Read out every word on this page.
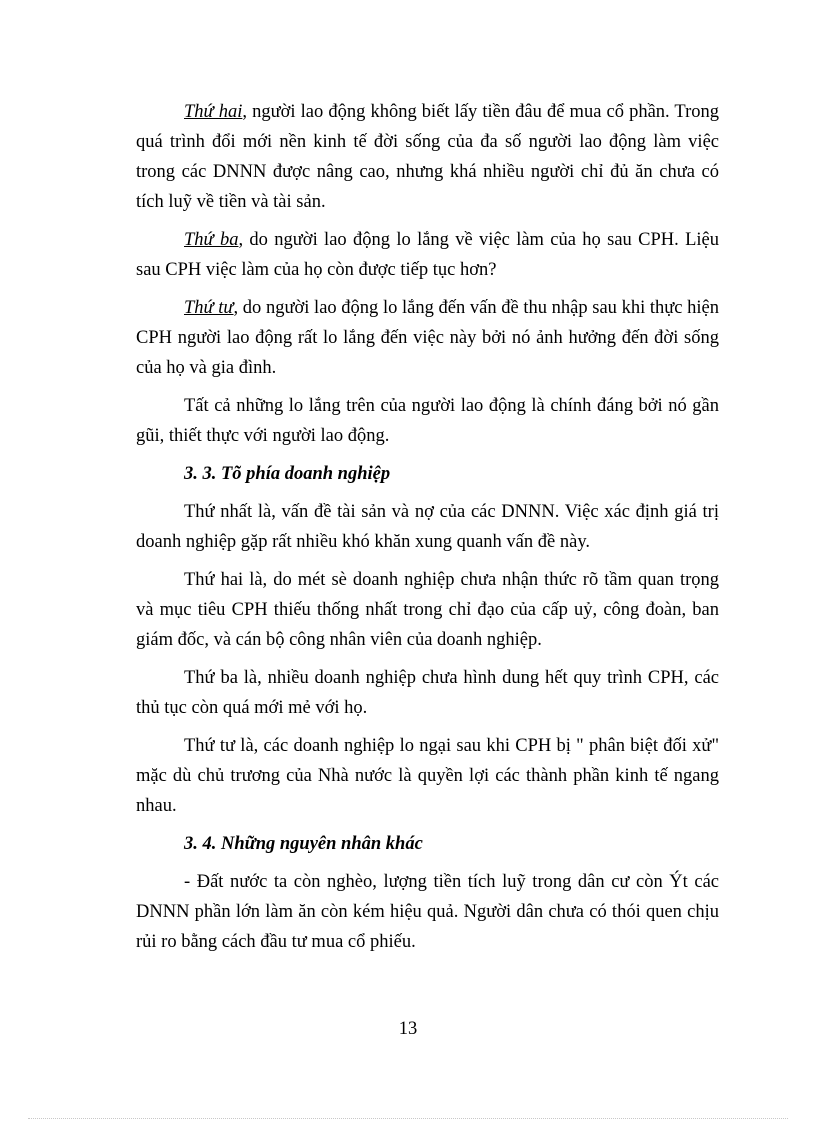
Thứ hai, người lao động không biết lấy tiền đâu để mua cổ phần. Trong quá trình đổi mới nền kinh tế đời sống của đa số người lao động làm việc trong các DNNN được nâng cao, nhưng khá nhiều người chỉ đủ ăn chưa có tích luỹ về tiền và tài sản.

Thứ ba, do người lao động lo lắng về việc làm của họ sau CPH. Liệu sau CPH việc làm của họ còn được tiếp tục hơn?

Thứ tư, do người lao động lo lắng đến vấn đề thu nhập sau khi thực hiện CPH người lao động rất lo lắng đến việc này bởi nó ảnh hưởng đến đời sống của họ và gia đình.

Tất cả những lo lắng trên của người lao động là chính đáng bởi nó gần gũi, thiết thực với người lao động.

3. 3. Tõ phía doanh nghiệp

Thứ nhất là, vấn đề tài sản và nợ của các DNNN. Việc xác định giá trị doanh nghiệp gặp rất nhiều khó khăn xung quanh vấn đề này.

Thứ hai là, do mét sè doanh nghiệp chưa nhận thức rõ tầm quan trọng và mục tiêu CPH thiếu thống nhất trong chỉ đạo của cấp uỷ, công đoàn, ban giám đốc, và cán bộ công nhân viên của doanh nghiệp.

Thứ ba là, nhiều doanh nghiệp chưa hình dung hết quy trình CPH, các thủ tục còn quá mới mẻ với họ.

Thứ tư là, các doanh nghiệp lo ngại sau khi CPH bị " phân biệt đối xử" mặc dù chủ trương của Nhà nước là quyền lợi các thành phần kinh tế ngang nhau.

3. 4. Những nguyên nhân khác

- Đất nước ta còn nghèo, lượng tiền tích luỹ trong dân cư còn Ýt các DNNN phần lớn làm ăn còn kém hiệu quả. Người dân chưa có thói quen chịu rủi ro bằng cách đầu tư mua cổ phiếu.

13
